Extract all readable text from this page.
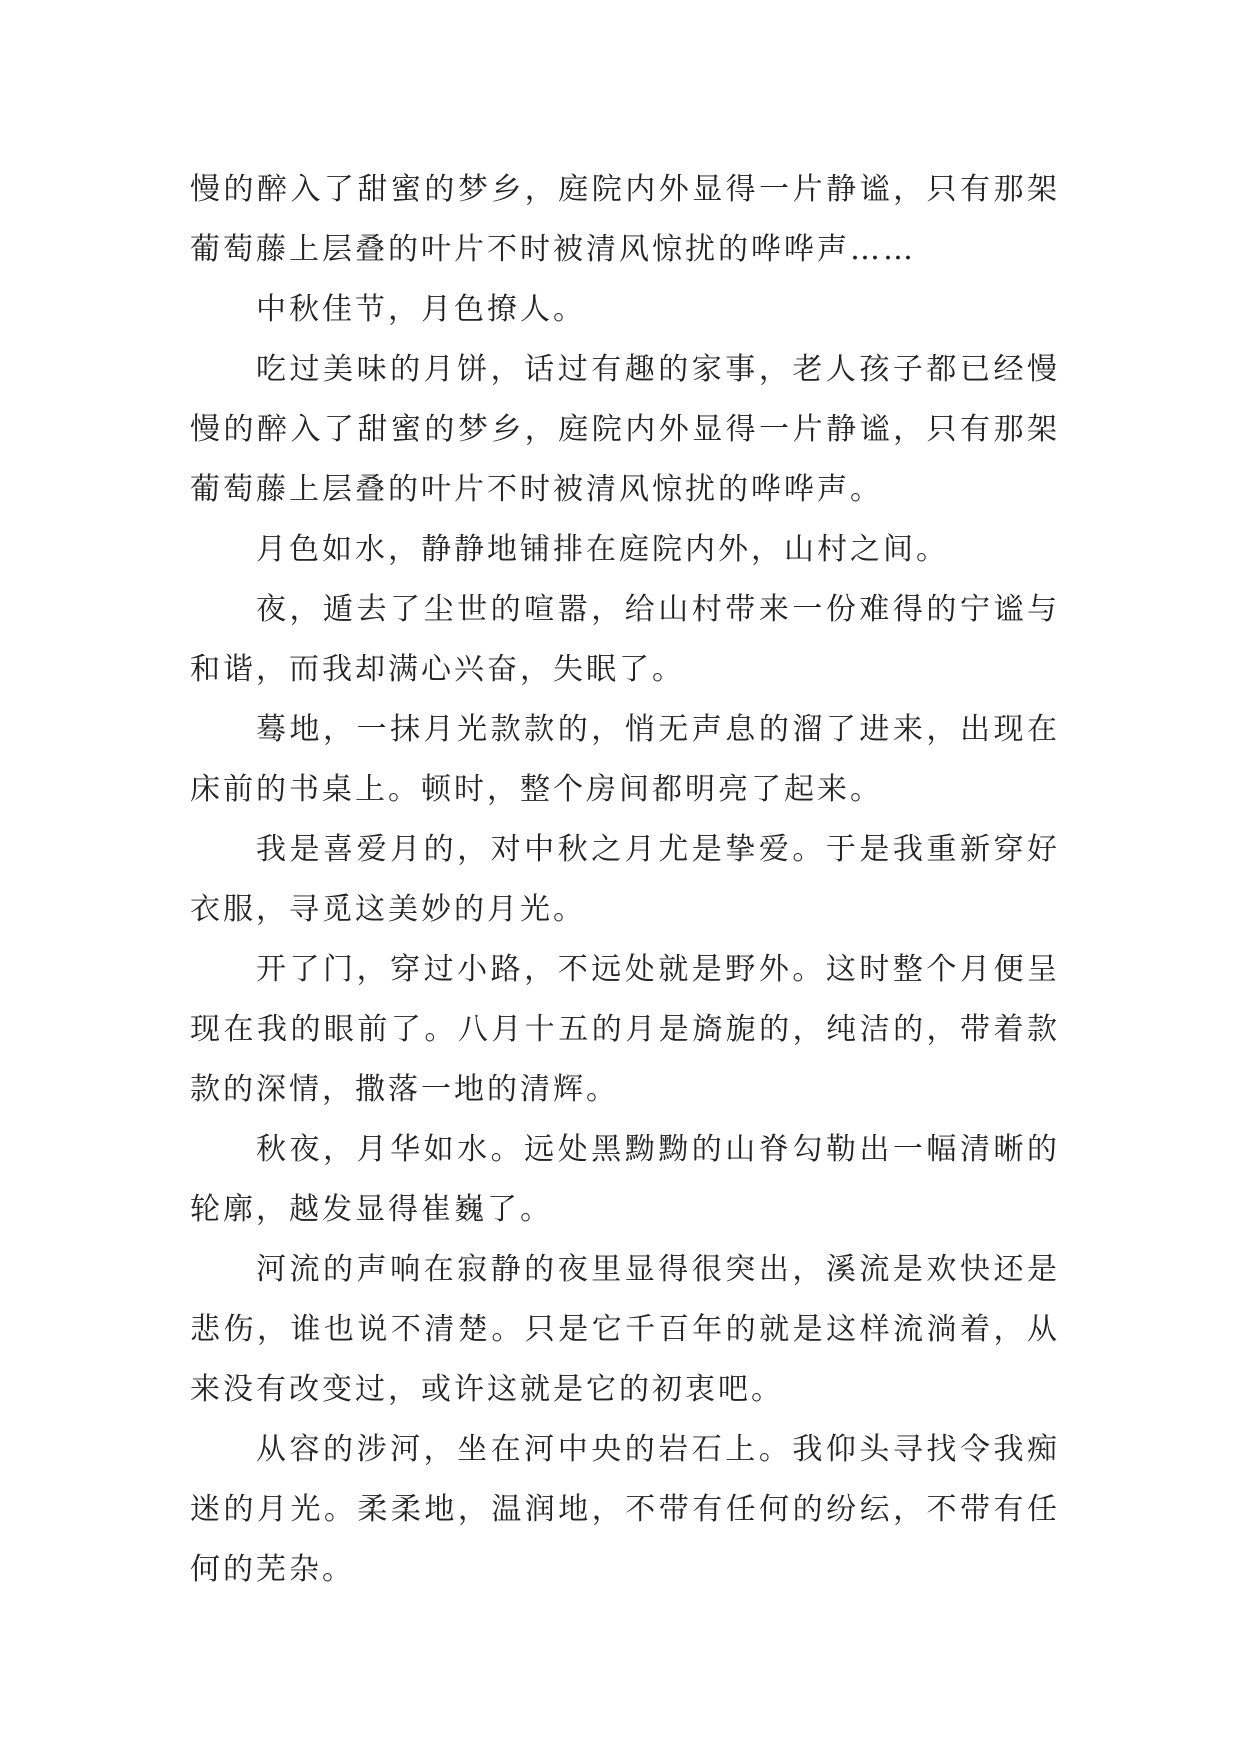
慢的醉入了甜蜜的梦乡，庭院内外显得一片静谧，只有那架葡萄藤上层叠的叶片不时被清风惊扰的哗哗声……

中秋佳节，月色撩人。

吃过美味的月饼，话过有趣的家事，老人孩子都已经慢慢的醉入了甜蜜的梦乡，庭院内外显得一片静谧，只有那架葡萄藤上层叠的叶片不时被清风惊扰的哗哗声。

月色如水，静静地铺排在庭院内外，山村之间。

夜，遁去了尘世的喧嚣，给山村带来一份难得的宁谧与和谐，而我却满心兴奋，失眠了。

蓦地，一抹月光款款的，悄无声息的溜了进来，出现在床前的书桌上。顿时，整个房间都明亮了起来。

我是喜爱月的，对中秋之月尤是挚爱。于是我重新穿好衣服，寻觅这美妙的月光。

开了门，穿过小路，不远处就是野外。这时整个月便呈现在我的眼前了。八月十五的月是旖旎的，纯洁的，带着款款的深情，撒落一地的清辉。

秋夜，月华如水。远处黑黝黝的山脊勾勒出一幅清晰的轮廓，越发显得崔巍了。

河流的声响在寂静的夜里显得很突出，溪流是欢快还是悲伤，谁也说不清楚。只是它千百年的就是这样流淌着，从来没有改变过，或许这就是它的初衷吧。

从容的涉河，坐在河中央的岩石上。我仰头寻找令我痴迷的月光。柔柔地，温润地，不带有任何的纷纭，不带有任何的芜杂。
